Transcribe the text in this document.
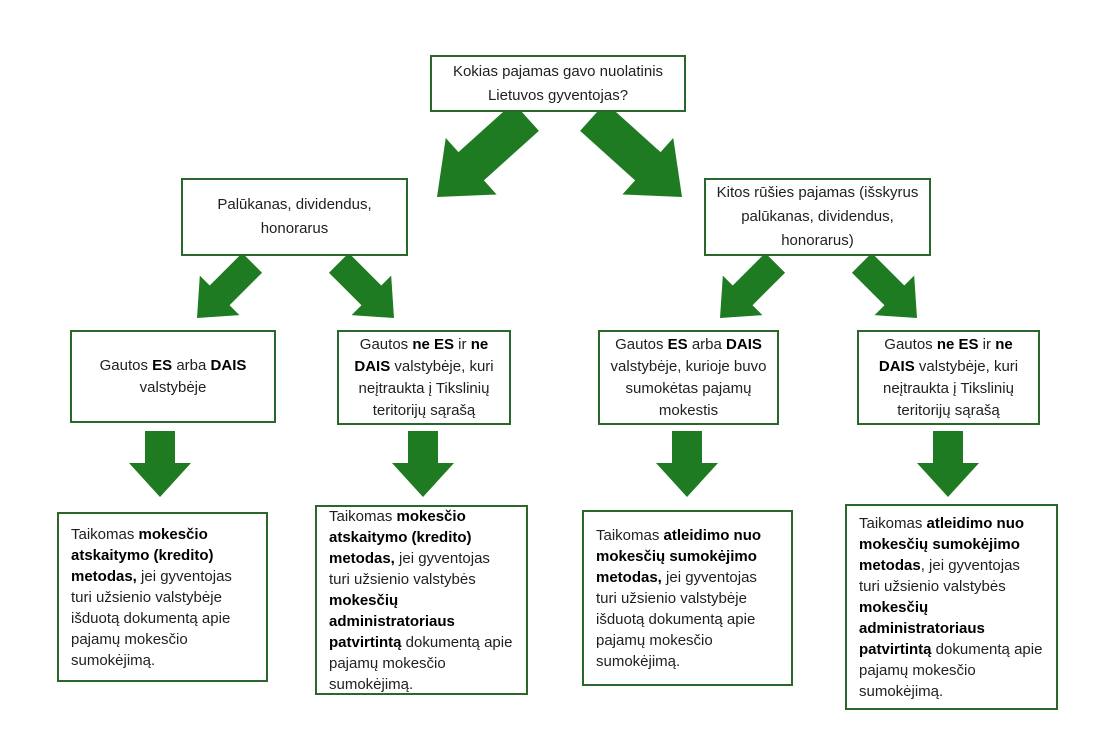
Kokias pajamas gavo nuolatinis Lietuvos gyventojas?
Palūkanas, dividendus, honorarus
Kitos rūšies pajamas (išskyrus palūkanas, dividendus, honorarus)
Gautos ES arba DAIS valstybėje
Gautos ne ES ir ne DAIS valstybėje, kuri neįtraukta į Tikslinių teritorijų sąrašą
Gautos ES arba DAIS valstybėje, kurioje buvo sumokėtas pajamų mokestis
Gautos ne ES ir ne DAIS valstybėje, kuri neįtraukta į Tikslinių teritorijų sąrašą
Taikomas mokesčio atskaitymo (kredito) metodas, jei gyventojas turi užsienio valstybėje išduotą dokumentą apie pajamų mokesčio sumokėjimą.
Taikomas mokesčio atskaitymo (kredito) metodas, jei gyventojas turi užsienio valstybės mokesčių administratoriaus patvirtintą dokumentą apie pajamų mokesčio sumokėjimą.
Taikomas atleidimo nuo mokesčių sumokėjimo metodas, jei gyventojas turi užsienio valstybėje išduotą dokumentą apie pajamų mokesčio sumokėjimą.
Taikomas atleidimo nuo mokesčių sumokėjimo metodas, jei gyventojas turi užsienio valstybės mokesčių administratoriaus patvirtintą dokumentą apie pajamų mokesčio sumokėjimą.
